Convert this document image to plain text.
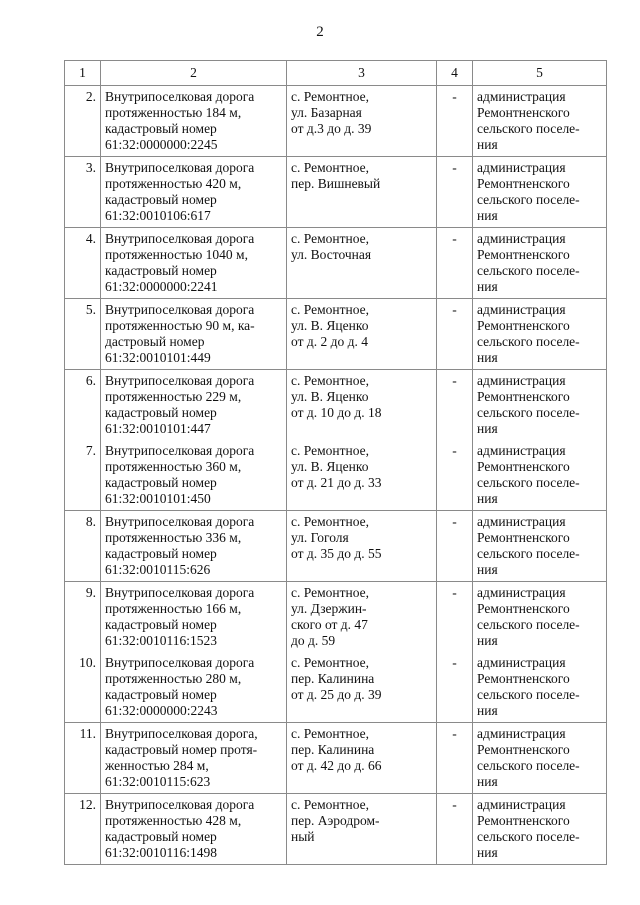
2
1	2	3	4	5
2.	Внутрипоселковая дорога
протяженностью 184 м,
кадастровый номер
61:32:0000000:2245	с. Ремонтное,
ул. Базарная
от д.3 до д. 39	-	администрация
Ремонтненского
сельского поселе-
ния

3.	Внутрипоселковая дорога
протяженностью 420 м,
кадастровый номер
61:32:0010106:617	с. Ремонтное,
пер. Вишневый	-	администрация
Ремонтненского
сельского поселе-
ния

4.	Внутрипоселковая дорога
протяженностью 1040 м,
кадастровый номер
61:32:0000000:2241	с. Ремонтное,
ул. Восточная	-	администрация
Ремонтненского
сельского поселе-
ния

5.	Внутрипоселковая дорога
протяженностью 90 м, ка-
дастровый номер
61:32:0010101:449	с. Ремонтное,
ул. В. Яценко
от д. 2 до д. 4	-	администрация
Ремонтненского
сельского поселе-
ния

6.	Внутрипоселковая дорога
протяженностью 229 м,
кадастровый номер
61:32:0010101:447	с. Ремонтное,
ул. В. Яценко
от д. 10 до д. 18	-	администрация
Ремонтненского
сельского поселе-
ния

7.	Внутрипоселковая дорога
протяженностью 360 м,
кадастровый номер
61:32:0010101:450	с. Ремонтное,
ул. В. Яценко
от д. 21 до д. 33	-	администрация
Ремонтненского
сельского поселе-
ния

8.	Внутрипоселковая дорога
протяженностью 336 м,
кадастровый номер
61:32:0010115:626	с. Ремонтное,
ул. Гоголя
от д. 35 до д. 55	-	администрация
Ремонтненского
сельского поселе-
ния

9.	Внутрипоселковая дорога
протяженностью 166 м,
кадастровый номер
61:32:0010116:1523	с. Ремонтное,
ул. Дзержин-
ского от д. 47
до д. 59	-	администрация
Ремонтненского
сельского поселе-
ния

10.	Внутрипоселковая дорога
протяженностью 280 м,
кадастровый номер
61:32:0000000:2243	с. Ремонтное,
пер. Калинина
от д. 25 до д. 39	-	администрация
Ремонтненского
сельского поселе-
ния

11.	Внутрипоселковая дорога,
кадастровый номер протя-
женностью 284 м,
61:32:0010115:623	с. Ремонтное,
пер. Калинина
от д. 42 до д. 66	-	администрация
Ремонтненского
сельского поселе-
ния

12.	Внутрипоселковая дорога
протяженностью 428 м,
кадастровый номер
61:32:0010116:1498	с. Ремонтное,
пер. Аэродром-
ный	-	администрация
Ремонтненского
сельского поселе-
ния
